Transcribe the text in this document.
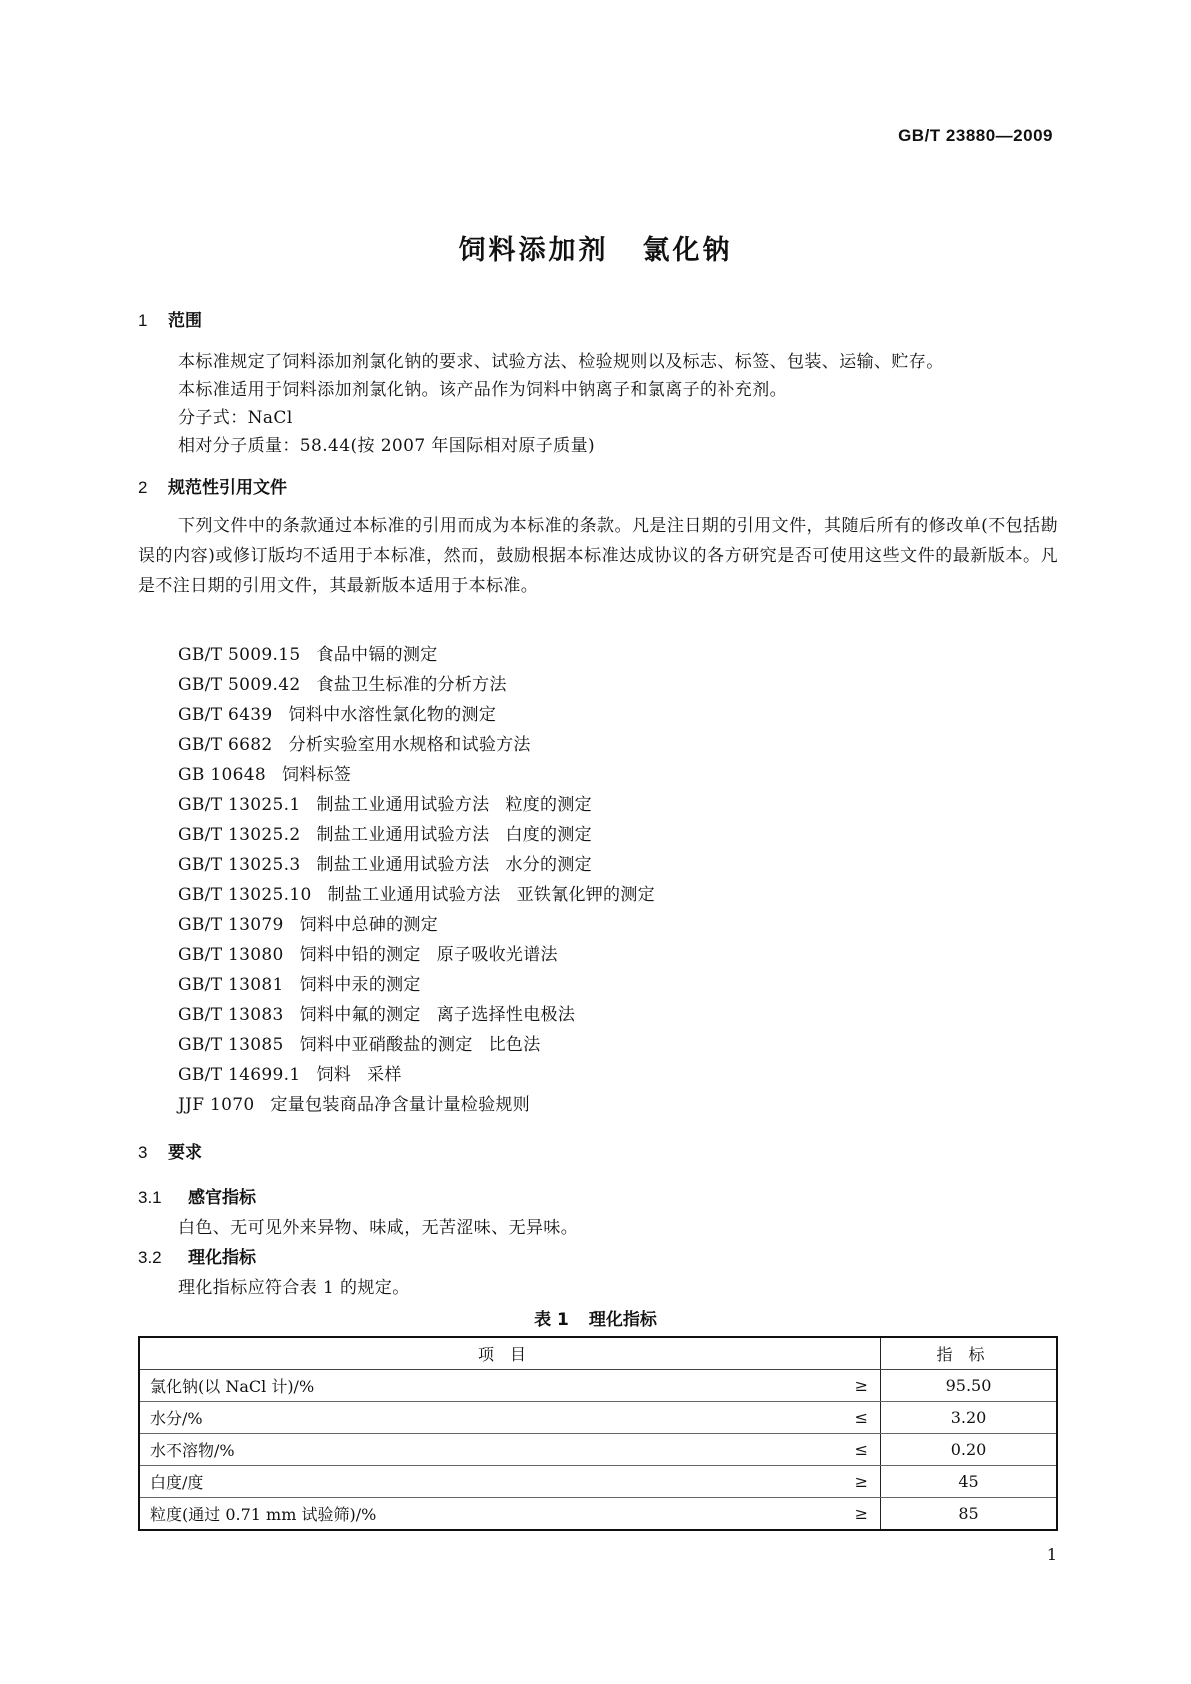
GB/T 23880—2009
饲料添加剂 氯化钠
1 范围
本标准规定了饲料添加剂氯化钠的要求、试验方法、检验规则以及标志、标签、包装、运输、贮存。
本标准适用于饲料添加剂氯化钠。该产品作为饲料中钠离子和氯离子的补充剂。
分子式：NaCl
相对分子质量：58.44(按 2007 年国际相对原子质量)
2 规范性引用文件
下列文件中的条款通过本标准的引用而成为本标准的条款。凡是注日期的引用文件，其随后所有的修改单(不包括勘误的内容)或修订版均不适用于本标准，然而，鼓励根据本标准达成协议的各方研究是否可使用这些文件的最新版本。凡是不注日期的引用文件，其最新版本适用于本标准。
GB/T 5009.15 食品中镉的测定
GB/T 5009.42 食盐卫生标准的分析方法
GB/T 6439 饲料中水溶性氯化物的测定
GB/T 6682 分析实验室用水规格和试验方法
GB 10648 饲料标签
GB/T 13025.1 制盐工业通用试验方法 粒度的测定
GB/T 13025.2 制盐工业通用试验方法 白度的测定
GB/T 13025.3 制盐工业通用试验方法 水分的测定
GB/T 13025.10 制盐工业通用试验方法 亚铁氰化钾的测定
GB/T 13079 饲料中总砷的测定
GB/T 13080 饲料中铅的测定 原子吸收光谱法
GB/T 13081 饲料中汞的测定
GB/T 13083 饲料中氟的测定 离子选择性电极法
GB/T 13085 饲料中亚硝酸盐的测定 比色法
GB/T 14699.1 饲料 采样
JJF 1070 定量包装商品净含量计量检验规则
3 要求
3.1 感官指标
白色、无可见外来异物、味咸，无苦涩味、无异味。
3.2 理化指标
理化指标应符合表 1 的规定。
表 1 理化指标
项目	指标
氯化钠(以 NaCl 计)/% ≥	95.50
水分/% ≤	3.20
水不溶物/% ≤	0.20
白度/度 ≥	45
粒度(通过 0.71 mm 试验筛)/% ≥	85
1
